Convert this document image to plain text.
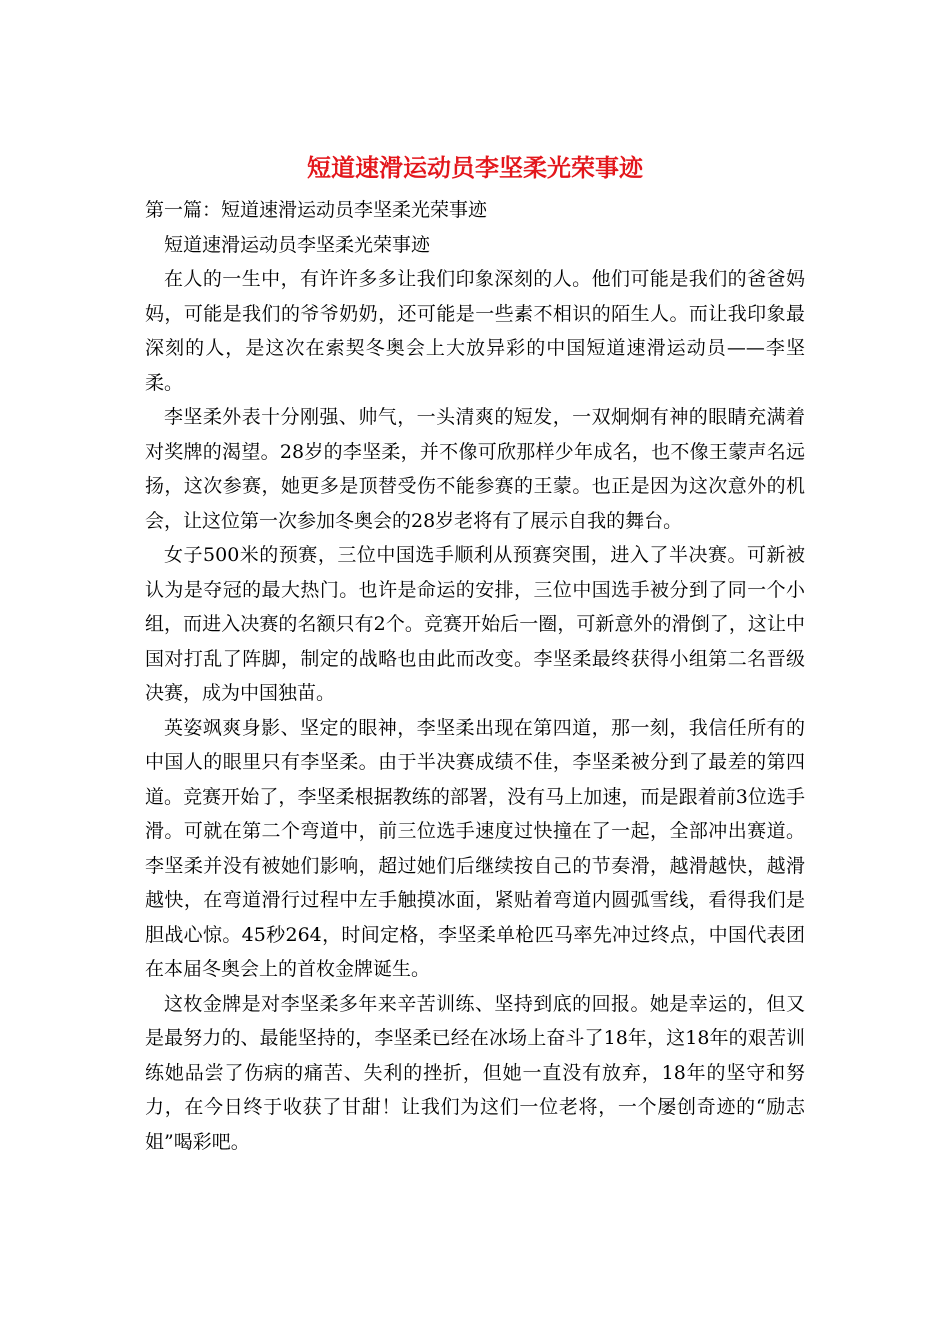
短道速滑运动员李坚柔光荣事迹

第一篇：短道速滑运动员李坚柔光荣事迹

短道速滑运动员李坚柔光荣事迹

在人的一生中，有许许多多让我们印象深刻的人。他们可能是我们的爸爸妈妈，可能是我们的爷爷奶奶，还可能是一些素不相识的陌生人。而让我印象最深刻的人，是这次在索契冬奥会上大放异彩的中国短道速滑运动员——李坚柔。

李坚柔外表十分刚强、帅气，一头清爽的短发，一双炯炯有神的眼睛充满着对奖牌的渴望。28岁的李坚柔，并不像可欣那样少年成名，也不像王蒙声名远扬，这次参赛，她更多是顶替受伤不能参赛的王蒙。也正是因为这次意外的机会，让这位第一次参加冬奥会的28岁老将有了展示自我的舞台。

女子500米的预赛，三位中国选手顺利从预赛突围，进入了半决赛。可新被认为是夺冠的最大热门。也许是命运的安排，三位中国选手被分到了同一个小组，而进入决赛的名额只有2个。竞赛开始后一圈，可新意外的滑倒了，这让中国对打乱了阵脚，制定的战略也由此而改变。李坚柔最终获得小组第二名晋级决赛，成为中国独苗。

英姿飒爽身影、坚定的眼神，李坚柔出现在第四道，那一刻，我信任所有的中国人的眼里只有李坚柔。由于半决赛成绩不佳，李坚柔被分到了最差的第四道。竞赛开始了，李坚柔根据教练的部署，没有马上加速，而是跟着前3位选手滑。可就在第二个弯道中，前三位选手速度过快撞在了一起，全部冲出赛道。李坚柔并没有被她们影响，超过她们后继续按自己的节奏滑，越滑越快，越滑越快，在弯道滑行过程中左手触摸冰面，紧贴着弯道内圆弧雪线，看得我们是胆战心惊。45秒264，时间定格，李坚柔单枪匹马率先冲过终点，中国代表团在本届冬奥会上的首枚金牌诞生。

这枚金牌是对李坚柔多年来辛苦训练、坚持到底的回报。她是幸运的，但又是最努力的、最能坚持的，李坚柔已经在冰场上奋斗了18年，这18年的艰苦训练她品尝了伤病的痛苦、失利的挫折，但她一直没有放弃，18年的坚守和努力，在今日终于收获了甘甜！让我们为这们一位老将，一个屡创奇迹的“励志姐”喝彩吧。
